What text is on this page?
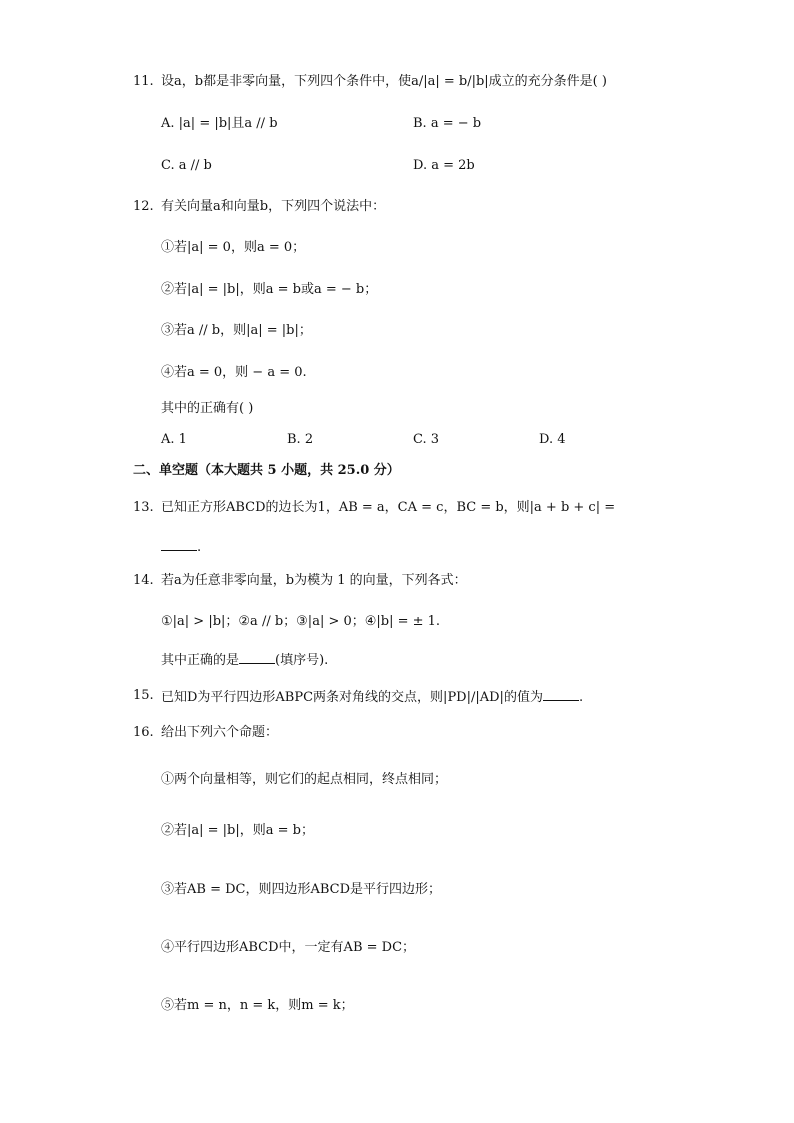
11. 设a，b都是非零向量，下列四个条件中，使a/|a| = b/|b|成立的充分条件是( )
A. |a| = |b|且a // b	B. a = − b
C. a // b	D. a = 2b
12. 有关向量a和向量b，下列四个说法中：
①若|a| = 0，则a = 0；
②若|a| = |b|，则a = b或a = − b；
③若a // b，则|a| = |b|；
④若a = 0，则 − a = 0.
其中的正确有( )
A. 1	B. 2	C. 3	D. 4
二、单空题（本大题共 5 小题，共 25.0 分）
13. 已知正方形ABCD的边长为1，AB = a，CA = c，BC = b，则|a + b + c| =
.
14. 若a为任意非零向量，b为模为 1 的向量，下列各式：
①|a| > |b|；②a // b；③|a| > 0；④|b| = ± 1.
其中正确的是	(填序号).
15. 已知D为平行四边形ABPC两条对角线的交点，则|PD|/|AD|的值为	.
16. 给出下列六个命题：
①两个向量相等，则它们的起点相同，终点相同；
②若|a| = |b|，则a = b；
③若AB = DC，则四边形ABCD是平行四边形；
④平行四边形ABCD中，一定有AB = DC；
⑤若m = n，n = k，则m = k；
